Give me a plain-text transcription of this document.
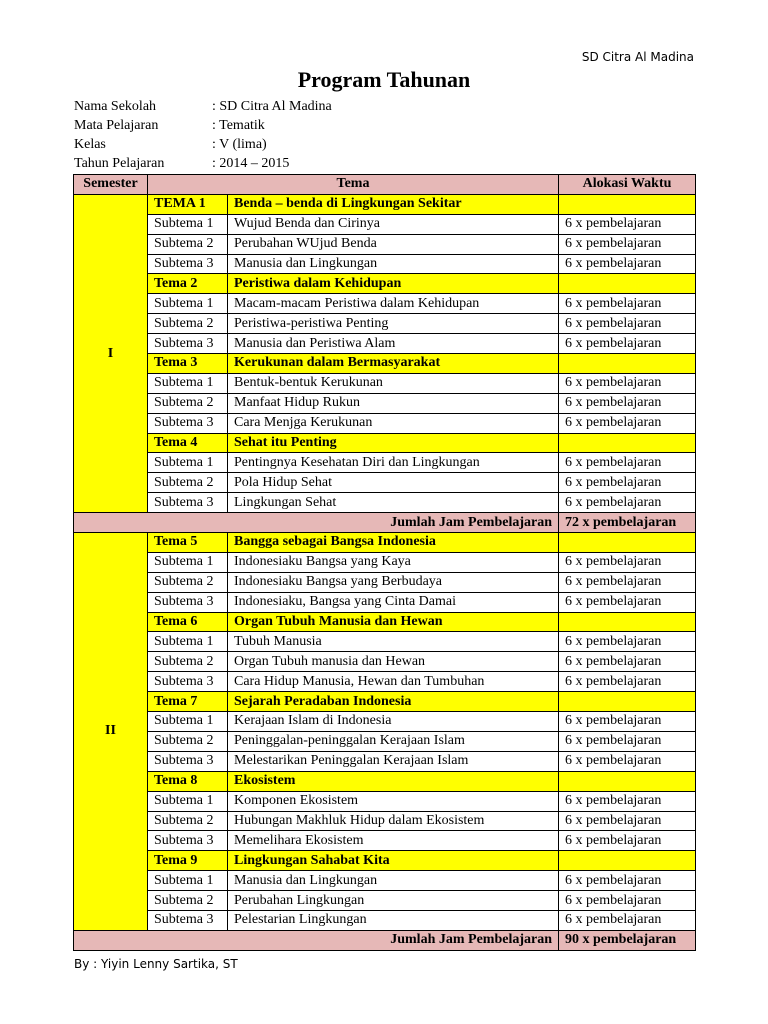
SD Citra Al Madina
Program Tahunan
Nama Sekolah	: SD Citra Al Madina
Mata Pelajaran	: Tematik
Kelas	: V (lima)
Tahun Pelajaran	: 2014 – 2015
Semester	Tema		Alokasi Waktu
I	TEMA 1	Benda – benda di Lingkungan Sekitar	
	Subtema 1	Wujud Benda dan Cirinya	6 x pembelajaran
	Subtema 2	Perubahan WUjud Benda	6 x pembelajaran
	Subtema 3	Manusia dan Lingkungan	6 x pembelajaran
	Tema 2	Peristiwa dalam Kehidupan	
	Subtema 1	Macam-macam Peristiwa dalam Kehidupan	6 x pembelajaran
	Subtema 2	Peristiwa-peristiwa Penting	6 x pembelajaran
	Subtema 3	Manusia dan Peristiwa Alam	6 x pembelajaran
	Tema 3	Kerukunan dalam Bermasyarakat	
	Subtema 1	Bentuk-bentuk Kerukunan	6 x pembelajaran
	Subtema 2	Manfaat Hidup Rukun	6 x pembelajaran
	Subtema 3	Cara Menjga Kerukunan	6 x pembelajaran
	Tema 4	Sehat itu Penting	
	Subtema 1	Pentingnya Kesehatan Diri dan Lingkungan	6 x pembelajaran
	Subtema 2	Pola Hidup Sehat	6 x pembelajaran
	Subtema 3	Lingkungan Sehat	6 x pembelajaran
Jumlah Jam Pembelajaran			72 x pembelajaran
II	Tema 5	Bangga sebagai Bangsa Indonesia	
	Subtema 1	Indonesiaku Bangsa yang Kaya	6 x pembelajaran
	Subtema 2	Indonesiaku Bangsa yang Berbudaya	6 x pembelajaran
	Subtema 3	Indonesiaku, Bangsa yang Cinta Damai	6 x pembelajaran
	Tema 6	Organ Tubuh Manusia dan Hewan	
	Subtema 1	Tubuh Manusia	6 x pembelajaran
	Subtema 2	Organ Tubuh manusia dan Hewan	6 x pembelajaran
	Subtema 3	Cara Hidup Manusia, Hewan dan Tumbuhan	6 x pembelajaran
	Tema 7	Sejarah Peradaban Indonesia	
	Subtema 1	Kerajaan Islam di Indonesia	6 x pembelajaran
	Subtema 2	Peninggalan-peninggalan Kerajaan Islam	6 x pembelajaran
	Subtema 3	Melestarikan Peninggalan Kerajaan Islam	6 x pembelajaran
	Tema 8	Ekosistem	
	Subtema 1	Komponen Ekosistem	6 x pembelajaran
	Subtema 2	Hubungan Makhluk Hidup dalam Ekosistem	6 x pembelajaran
	Subtema 3	Memelihara Ekosistem	6 x pembelajaran
	Tema 9	Lingkungan Sahabat Kita	
	Subtema 1	Manusia dan Lingkungan	6 x pembelajaran
	Subtema 2	Perubahan Lingkungan	6 x pembelajaran
	Subtema 3	Pelestarian Lingkungan	6 x pembelajaran
Jumlah Jam Pembelajaran			90 x pembelajaran
By : Yiyin Lenny Sartika, ST
